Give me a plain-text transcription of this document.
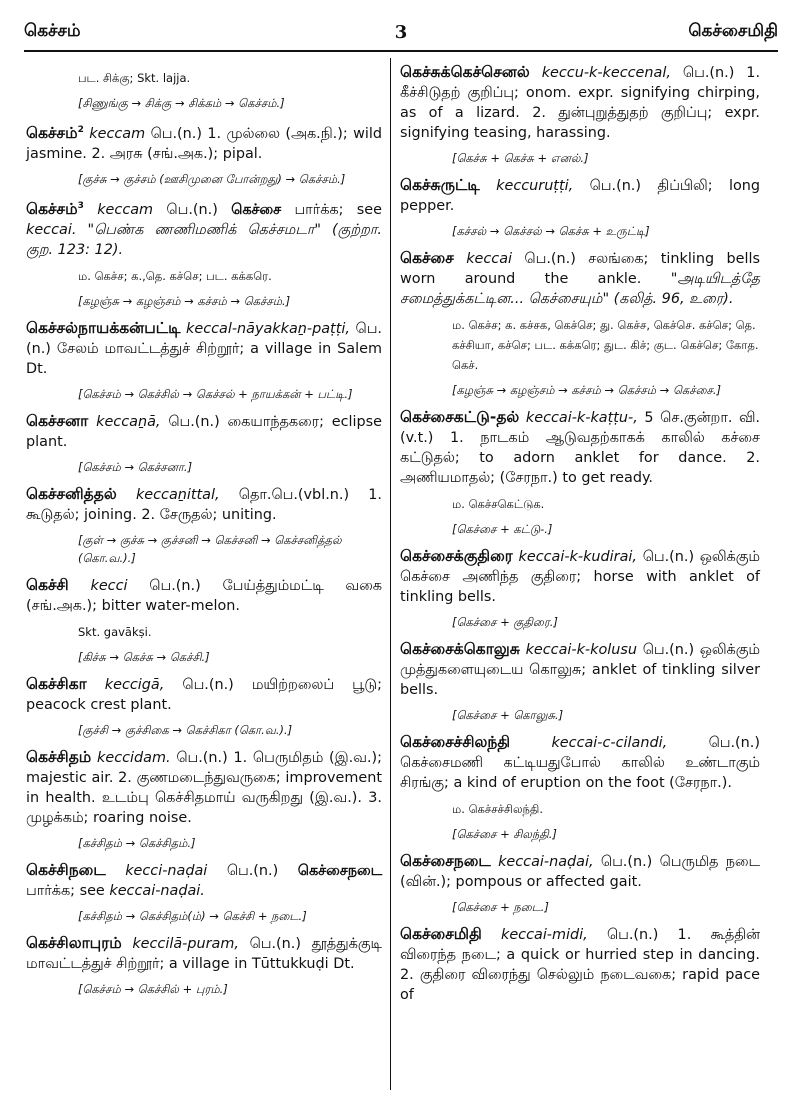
கெச்சம்	3	கெச்சைமிதி
பட. சிக்கு; Skt. lajja.
[சிணுங்கு → சிக்கு → சிக்கம் → கெச்சம்.]
கெச்சம்$^2$ keccam பெ.(n.) 1. முல்லை (அக.நி.); wild jasmine. 2. அரசு (சங்.அக.); pipal.
[குச்சு → குச்சம் (ஊசிமுனை போன்றது) → கெச்சம்.]
கெச்சம்$^3$ keccam பெ.(n.) கெச்சை பார்க்க; see keccai. "பெண்க ணணிமணிக் கெச்சமடா" (குற்றா. குற. 123: 12).
ம. கெச்ச; க.,தெ. கச்செ; பட. கக்கரெ.
[கழஞ்சு → கழஞ்சம் → கச்சம் → கெச்சம்.]
கெச்சல்நாயக்கன்பட்டி keccal-nāyakkaṉ-paṭṭi, பெ.(n.) சேலம் மாவட்டத்துச் சிற்றூர்; a village in Salem Dt.
[கெச்சம் → கெச்சில் → கெச்சல் + நாயக்கன் + பட்டி.]
கெச்சனா keccaṉā, பெ.(n.) கையாந்தகரை; eclipse plant.
[கெச்சம் → கெச்சனா.]
கெச்சனித்தல் keccaṉittal, தொ.பெ.(vbl.n.) 1. கூடுதல்; joining. 2. சேருதல்; uniting.
[குள் → குச்சு → குச்சனி → கெச்சனி → கெச்சனித்தல் (கொ.வ.).]
கெச்சி kecci பெ.(n.) பேய்த்தும்மட்டி வகை (சங்.அக.); bitter water-melon.
Skt. gavākṣi.
[கிச்சு → கெச்சு → கெச்சி.]
கெச்சிகா keccigā, பெ.(n.) மயிற்றலைப் பூடு; peacock crest plant.
[குச்சி → குச்சிகை → கெச்சிகா (கொ.வ.).]
கெச்சிதம் keccidam. பெ.(n.) 1. பெருமிதம் (இ.வ.); majestic air. 2. குணமடைந்துவருகை; improvement in health. உடம்பு கெச்சிதமாய் வருகிறது (இ.வ.). 3. முழக்கம்; roaring noise.
[கச்சிதம் → கெச்சிதம்.]
கெச்சிநடை kecci-naḍai பெ.(n.) கெச்சைநடை பார்க்க; see keccai-naḍai.
[கச்சிதம் → கெச்சிதம்(ம்) → கெச்சி + நடை.]
கெச்சிலாபுரம் keccilā-puram, பெ.(n.) தூத்துக்குடி மாவட்டத்துச் சிற்றூர்; a village in Tūttukkuḍi Dt.
[கெச்சம் → கெச்சில் + புரம்.]
கெச்சுக்கெச்செனல் keccu-k-keccenal, பெ.(n.) 1. கீச்சிடுதற் குறிப்பு; onom. expr. signifying chirping, as of a lizard. 2. துன்புறுத்துதற் குறிப்பு; expr. signifying teasing, harassing.
[கெச்சு + கெச்சு + எனல்.]
கெச்சுருட்டி keccuruṭṭi, பெ.(n.) திப்பிலி; long pepper.
[கச்சல் → கெச்சல் → கெச்சு + உருட்டி]
கெச்சை keccai பெ.(n.) சலங்கை; tinkling bells worn around the ankle. "அடியிடத்தே சமைத்துக்கட்டின... கெச்சையும்" (கலித். 96, உரை).
ம. கெச்ச; க. கச்சக, கெச்செ; து. கெச்ச, கெச்செ. கச்செ; தெ. கச்சியா, கச்செ; பட. கக்கரெ; துட. கிச்; குட. கெச்செ; கோத. கெச்.
[கழஞ்சு → கழஞ்சம் → கச்சம் → கெச்சம் → கெச்சை.]
கெச்சைகட்டு-தல் keccai-k-kaṭṭu-, 5 செ.குன்றா. வி.(v.t.) 1. நாடகம் ஆடுவதற்காகக் காலில் கச்சை கட்டுதல்; to adorn anklet for dance. 2. அணியமாதல்; (சேரநா.) to get ready.
ம. கெச்சகெட்டுக.
[கெச்சை + கட்டு-.]
கெச்சைக்குதிரை keccai-k-kudirai, பெ.(n.) ஒலிக்கும் கெச்சை அணிந்த குதிரை; horse with anklet of tinkling bells.
[கெச்சை + குதிரை.]
கெச்சைக்கொலுசு keccai-k-kolusu பெ.(n.) ஒலிக்கும் முத்துகளையுடைய கொலுசு; anklet of tinkling silver bells.
[கெச்சை + கொலுசு.]
கெச்சைச்சிலந்தி	keccai-c-cilandi,	பெ.(n.) கெச்சைமணி கட்டியதுபோல் காலில் உண்டாகும் சிரங்கு; a kind of eruption on the foot (சேரநா.).
ம. கெச்சச்சிலந்தி.
[கெச்சை + சிலந்தி.]
கெச்சைநடை keccai-naḍai, பெ.(n.) பெருமித நடை (வின்.); pompous or affected gait.
[கெச்சை + நடை.]
கெச்சைமிதி keccai-midi, பெ.(n.) 1. கூத்தின் விரைந்த நடை; a quick or hurried step in dancing. 2. குதிரை விரைந்து செல்லும் நடைவகை; rapid pace of
